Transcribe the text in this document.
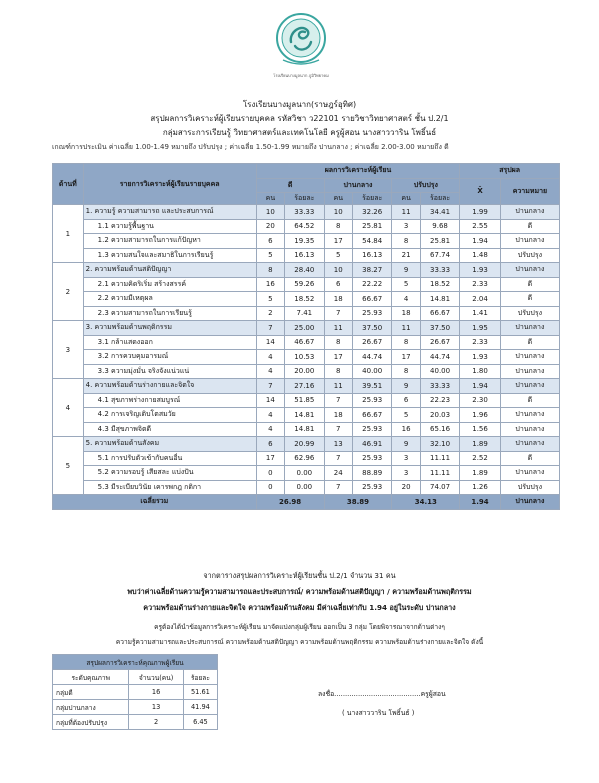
โรงเรียนบางมูลนาก ภูมิวิทยาคม
โรงเรียนบางมูลนาก(ราษฎร์อุทิศ)
สรุปผลการวิเคราะห์ผู้เรียนรายบุคคล รหัสวิชา ว22101 รายวิชาวิทยาศาสตร์ ชั้น ป.2/1
กลุ่มสาระการเรียนรู้ วิทยาศาสตร์และเทคโนโลยี ครูผู้สอน นางสาววาริน โพธิ์นธ์
เกณฑ์การประเมิน ค่าเฉลี่ย 1.00-1.49 หมายถึง ปรับปรุง ; ค่าเฉลี่ย 1.50-1.99 หมายถึง ปานกลาง ; ค่าเฉลี่ย 2.00-3.00 หมายถึง ดี
ด้านที่	รายการวิเคราะห์ผู้เรียนรายบุคคล	ผลการวิเคราะห์ผู้เรียน						สรุปผล	
		ดี		ปานกลาง		ปรับปรุง		X̄	ความหมาย
		คน	ร้อยละ	คน	ร้อยละ	คน	ร้อยละ		
1	1. ความรู้ ความสามารถ และประสบการณ์	10	33.33	10	32.26	11	34.41	1.99	ปานกลาง
	1.1 ความรู้พื้นฐาน	20	64.52	8	25.81	3	9.68	2.55	ดี
	1.2 ความสามารถในการแก้ปัญหา	6	19.35	17	54.84	8	25.81	1.94	ปานกลาง
	1.3 ความสนใจและสมาธิในการเรียนรู้	5	16.13	5	16.13	21	67.74	1.48	ปรับปรุง
2	2. ความพร้อมด้านสติปัญญา	8	28.40	10	38.27	9	33.33	1.93	ปานกลาง
	2.1 ความคิดริเริ่ม สร้างสรรค์	16	59.26	6	22.22	5	18.52	2.33	ดี
	2.2 ความมีเหตุผล	5	18.52	18	66.67	4	14.81	2.04	ดี
	2.3 ความสามารถในการเรียนรู้	2	7.41	7	25.93	18	66.67	1.41	ปรับปรุง
3	3. ความพร้อมด้านพฤติกรรม	7	25.00	11	37.50	11	37.50	1.95	ปานกลาง
	3.1 กล้าแสดงออก	14	46.67	8	26.67	8	26.67	2.33	ดี
	3.2 การควบคุมอารมณ์	4	10.53	17	44.74	17	44.74	1.93	ปานกลาง
	3.3 ความมุ่งมั่น จริงจังแน่วแน่	4	20.00	8	40.00	8	40.00	1.80	ปานกลาง
4	4. ความพร้อมด้านร่างกายและจิตใจ	7	27.16	11	39.51	9	33.33	1.94	ปานกลาง
	4.1 สุขภาพร่างกายสมบูรณ์	14	51.85	7	25.93	6	22.23	2.30	ดี
	4.2 การเจริญเติบโตสมวัย	4	14.81	18	66.67	5	20.03	1.96	ปานกลาง
	4.3 มีสุขภาพจิตดี	4	14.81	7	25.93	16	65.16	1.56	ปานกลาง
5	5. ความพร้อมด้านสังคม	6	20.99	13	46.91	9	32.10	1.89	ปานกลาง
	5.1 การปรับตัวเข้ากับคนอื่น	17	62.96	7	25.93	3	11.11	2.52	ดี
	5.2 ความรอบรู้ เสียสละ แบ่งปัน	0	0.00	24	88.89	3	11.11	1.89	ปานกลาง
	5.3 มีระเบียบวินัย เคารพกฎ กติกา	0	0.00	7	25.93	20	74.07	1.26	ปรับปรุง
เฉลี่ยรวม		26.98		38.89		34.13		1.94	ปานกลาง
จากตารางสรุปผลการวิเคราะห์ผู้เรียนชั้น ป.2/1 จำนวน 31 คน
พบว่าค่าเฉลี่ยด้านความรู้ความสามารถและประสบการณ์/ ความพร้อมด้านสติปัญญา / ความพร้อมด้านพฤติกรรม
ความพร้อมด้านร่างกายและจิตใจ ความพร้อมด้านสังคม มีค่าเฉลี่ยเท่ากับ 1.94 อยู่ในระดับ ปานกลาง
ครูต้องได้นำข้อมูลการวิเคราะห์ผู้เรียน มาจัดแบ่งกลุ่มผู้เรียน ออกเป็น 3 กลุ่ม โดยพิจารณาจากด้านต่างๆ
ความรู้ความสามารถและประสบการณ์ ความพร้อมด้านสติปัญญา ความพร้อมด้านพฤติกรรม ความพร้อมด้านร่างกายและจิตใจ ดังนี้
สรุปผลการวิเคราะห์คุณภาพผู้เรียน		
ระดับคุณภาพ	จำนวน(คน)	ร้อยละ
กลุ่มดี	16	51.61
กลุ่มปานกลาง	13	41.94
กลุ่มที่ต้องปรับปรุง	2	6.45
ลงชื่อ........................................ครูผู้สอน
( นางสาววาริน โพธิ์นธ์ )
